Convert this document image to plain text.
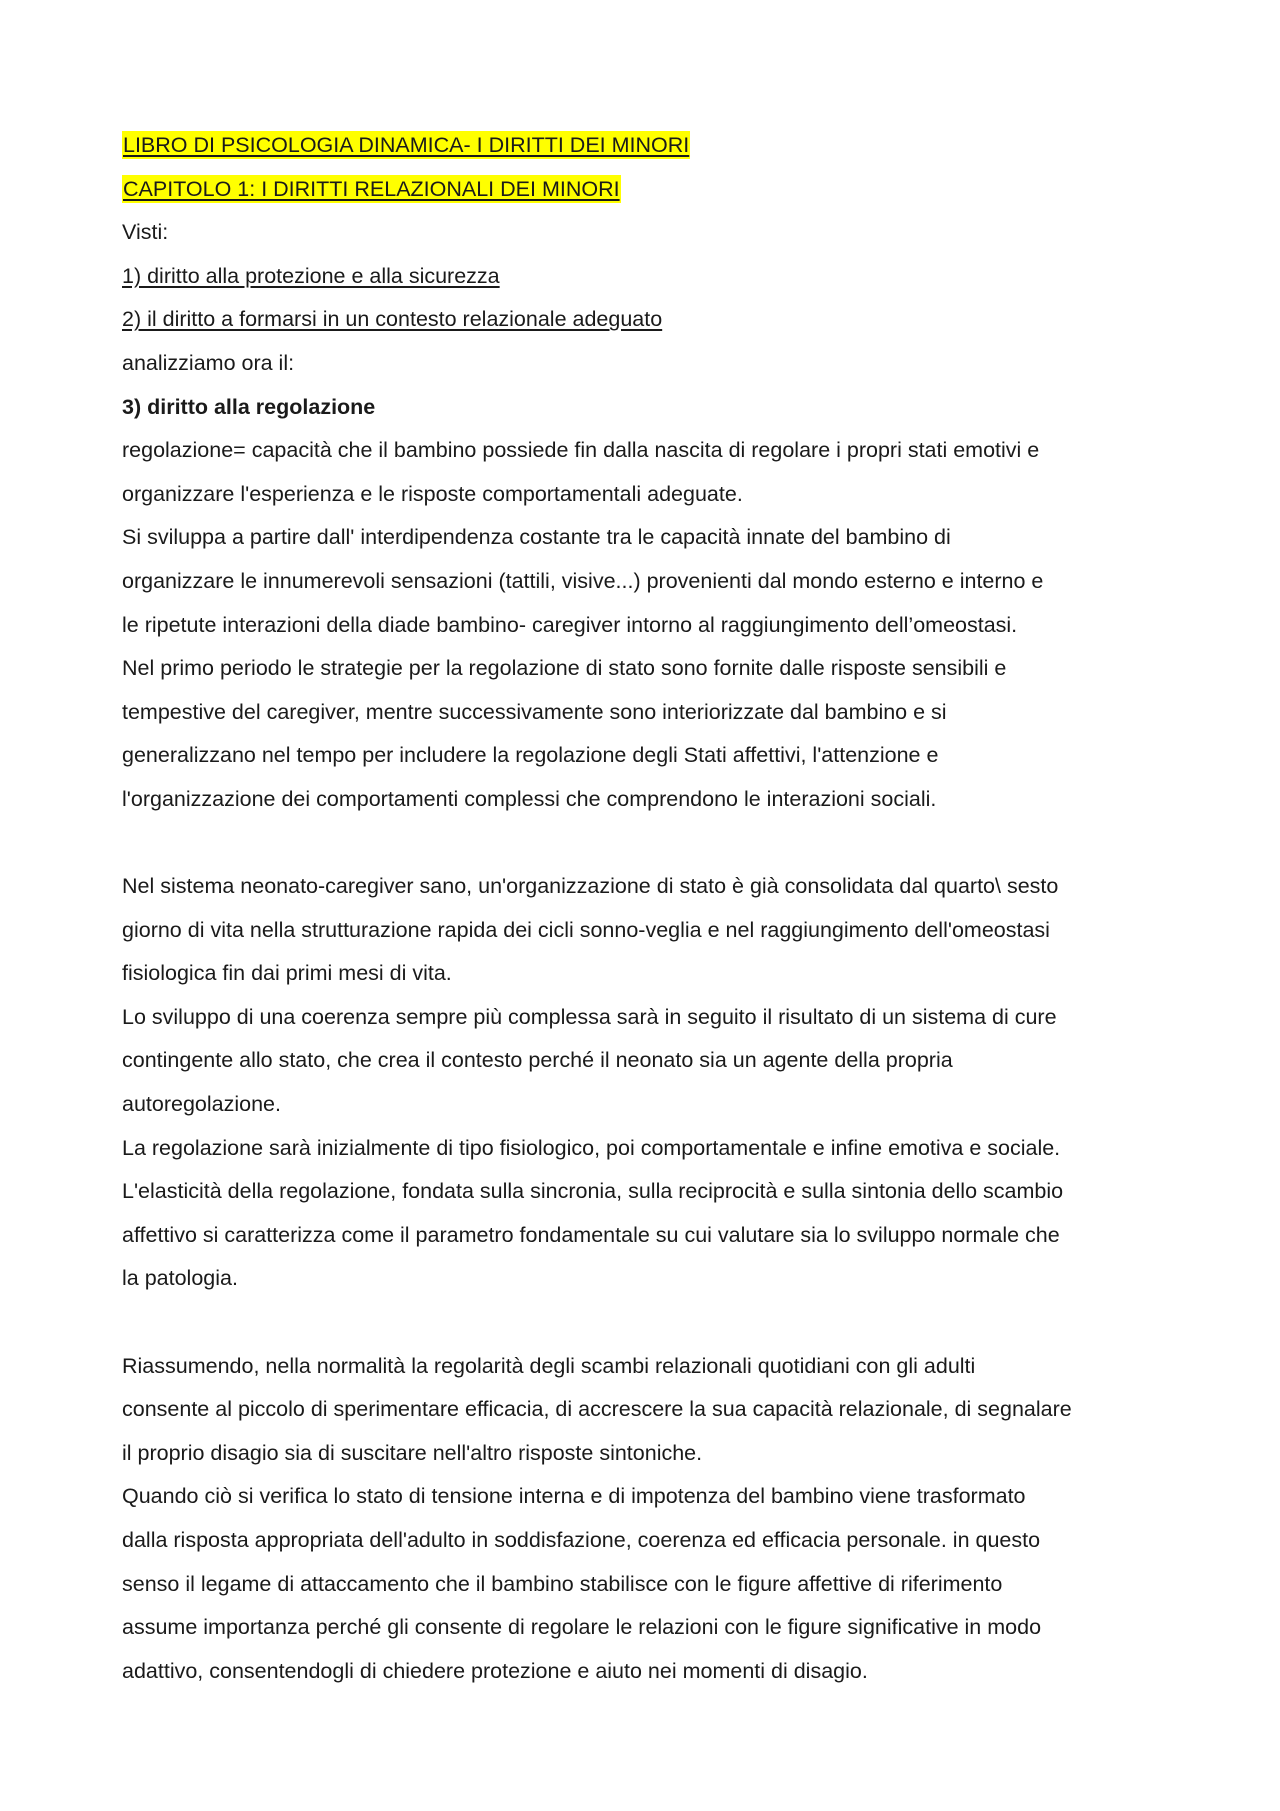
LIBRO DI PSICOLOGIA DINAMICA- I DIRITTI DEI MINORI
CAPITOLO 1: I DIRITTI RELAZIONALI DEI MINORI
Visti:
1) diritto alla protezione e alla sicurezza
2) il diritto a formarsi in un contesto relazionale adeguato
analizziamo ora il:
3) diritto alla regolazione
regolazione= capacità che il bambino possiede fin dalla nascita di regolare i propri stati emotivi e
organizzare l'esperienza e le risposte comportamentali adeguate.
Si sviluppa a partire dall' interdipendenza costante tra le capacità innate del bambino di
organizzare le innumerevoli sensazioni (tattili, visive...) provenienti dal mondo esterno e interno e
le ripetute interazioni della diade bambino- caregiver intorno al raggiungimento dell’omeostasi.
Nel primo periodo le strategie per la regolazione di stato sono fornite dalle risposte sensibili e
tempestive del caregiver, mentre successivamente sono interiorizzate dal bambino e si
generalizzano nel tempo per includere la regolazione degli Stati affettivi, l'attenzione e
l'organizzazione dei comportamenti complessi che comprendono le interazioni sociali.
Nel sistema neonato-caregiver sano, un'organizzazione di stato è già consolidata dal quarto\ sesto
giorno di vita nella strutturazione rapida dei cicli sonno-veglia e nel raggiungimento dell'omeostasi
fisiologica fin dai primi mesi di vita.
Lo sviluppo di una coerenza sempre più complessa sarà in seguito il risultato di un sistema di cure
contingente allo stato, che crea il contesto perché il neonato sia un agente della propria
autoregolazione.
La regolazione sarà inizialmente di tipo fisiologico, poi comportamentale e infine emotiva e sociale.
L'elasticità della regolazione, fondata sulla sincronia, sulla reciprocità e sulla sintonia dello scambio
affettivo si caratterizza come il parametro fondamentale su cui valutare sia lo sviluppo normale che
la patologia.
Riassumendo, nella normalità la regolarità degli scambi relazionali quotidiani con gli adulti
consente al piccolo di sperimentare efficacia, di accrescere la sua capacità relazionale, di segnalare
il proprio disagio sia di suscitare nell'altro risposte sintoniche.
Quando ciò si verifica lo stato di tensione interna e di impotenza del bambino viene trasformato
dalla risposta appropriata dell'adulto in soddisfazione, coerenza ed efficacia personale. in questo
senso il legame di attaccamento che il bambino stabilisce con le figure affettive di riferimento
assume importanza perché gli consente di regolare le relazioni con le figure significative in modo
adattivo, consentendogli di chiedere protezione e aiuto nei momenti di disagio.
